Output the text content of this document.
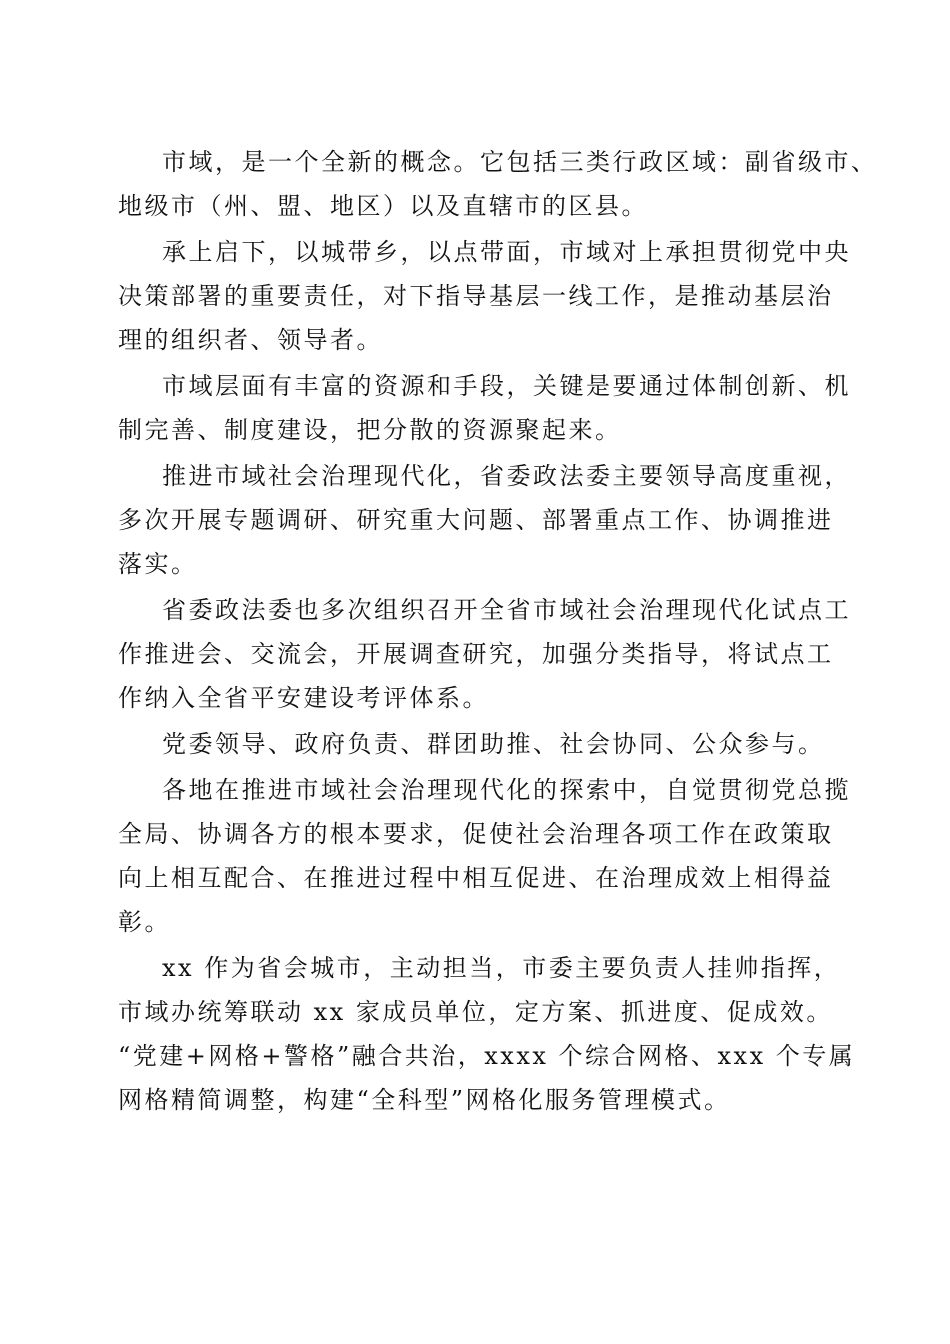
市域，是一个全新的概念。它包括三类行政区域：副省级市、
地级市（州、盟、地区）以及直辖市的区县。
承上启下，以城带乡，以点带面，市域对上承担贯彻党中央
决策部署的重要责任，对下指导基层一线工作，是推动基层治
理的组织者、领导者。
市域层面有丰富的资源和手段，关键是要通过体制创新、机
制完善、制度建设，把分散的资源聚起来。
推进市域社会治理现代化，省委政法委主要领导高度重视，
多次开展专题调研、研究重大问题、部署重点工作、协调推进
落实。
省委政法委也多次组织召开全省市域社会治理现代化试点工
作推进会、交流会，开展调查研究，加强分类指导，将试点工
作纳入全省平安建设考评体系。
党委领导、政府负责、群团助推、社会协同、公众参与。
各地在推进市域社会治理现代化的探索中，自觉贯彻党总揽
全局、协调各方的根本要求，促使社会治理各项工作在政策取
向上相互配合、在推进过程中相互促进、在治理成效上相得益
彰。
xx 作为省会城市，主动担当，市委主要负责人挂帅指挥，
市域办统筹联动 xx 家成员单位，定方案、抓进度、促成效。
“党建+网格+警格”融合共治，xxxx 个综合网格、xxx 个专属
网格精简调整，构建“全科型”网格化服务管理模式。
